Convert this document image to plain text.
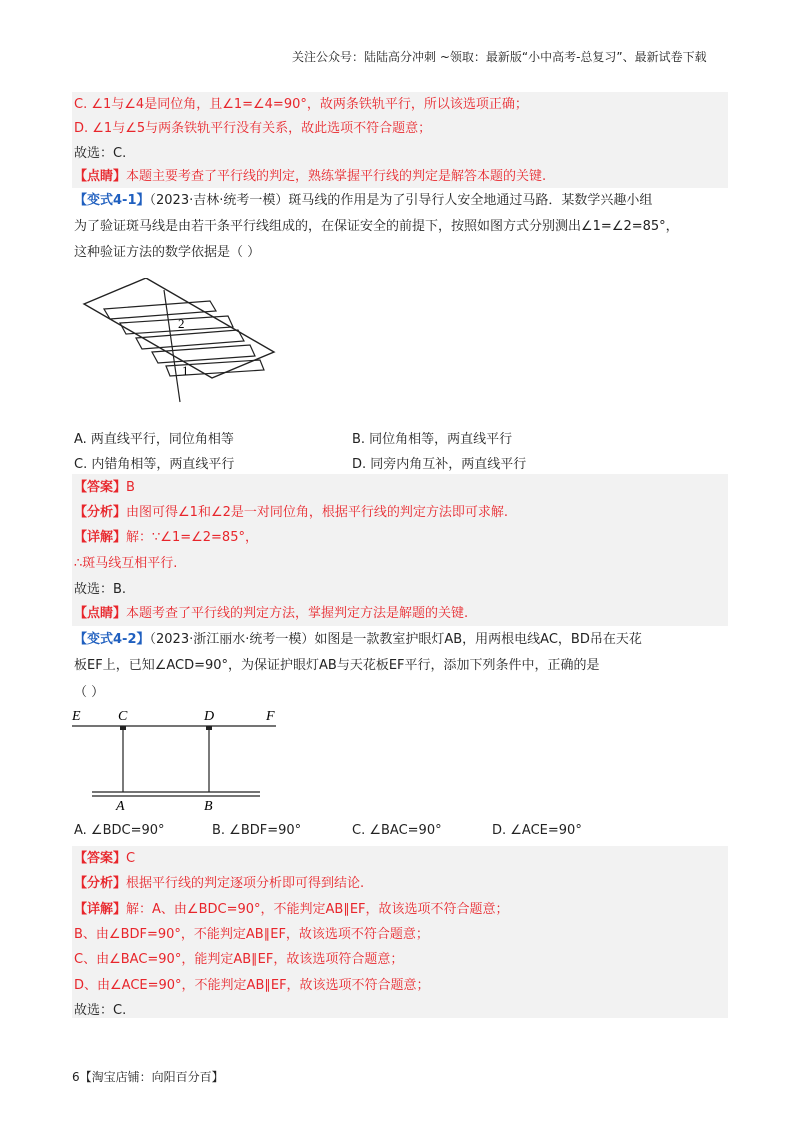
关注公众号：陆陆高分冲刺 ~领取：最新版“小中高考-总复习”、最新试卷下载
C. ∠1与∠4是同位角，且∠1=∠4=90°，故两条铁轨平行，所以该选项正确；
D. ∠1与∠5与两条铁轨平行没有关系，故此选项不符合题意；
故选：C.
【点睛】本题主要考查了平行线的判定，熟练掌握平行线的判定是解答本题的关键.
【变式4-1】（2023·吉林·统考一模）斑马线的作用是为了引导行人安全地通过马路．某数学兴趣小组
为了验证斑马线是由若干条平行线组成的，在保证安全的前提下，按照如图方式分别测出∠1=∠2=85°，
这种验证方法的数学依据是（ ）
2
1
A. 两直线平行，同位角相等	B. 同位角相等，两直线平行
C. 内错角相等，两直线平行	D. 同旁内角互补，两直线平行
【答案】B
【分析】由图可得∠1和∠2是一对同位角，根据平行线的判定方法即可求解.
【详解】解：∵∠1=∠2=85°，
∴斑马线互相平行.
故选：B.
【点睛】本题考查了平行线的判定方法，掌握判定方法是解题的关键.
【变式4-2】（2023·浙江丽水·统考一模）如图是一款教室护眼灯AB，用两根电线AC，BD吊在天花
板EF上，已知∠ACD=90°，为保证护眼灯AB与天花板EF平行，添加下列条件中，正确的是
（ ）
E	C	D	F
A	B
A. ∠BDC=90°	B. ∠BDF=90°	C. ∠BAC=90°	D. ∠ACE=90°
【答案】C
【分析】根据平行线的判定逐项分析即可得到结论.
【详解】解：A、由∠BDC=90°，不能判定AB∥EF，故该选项不符合题意；
B、由∠BDF=90°，不能判定AB∥EF，故该选项不符合题意；
C、由∠BAC=90°，能判定AB∥EF，故该选项符合题意；
D、由∠ACE=90°，不能判定AB∥EF，故该选项不符合题意；
故选：C.
6【淘宝店铺：向阳百分百】
